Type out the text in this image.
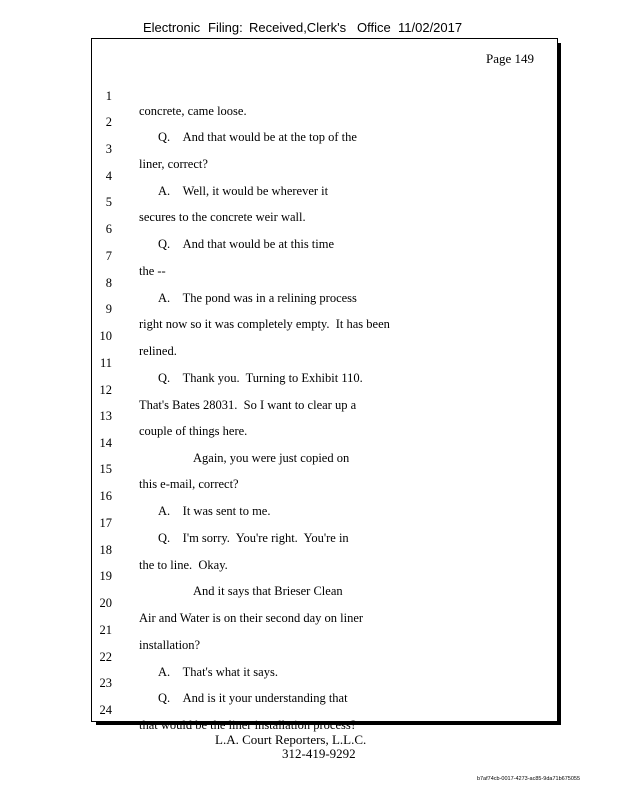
Electronic Filing: Received,Clerk's Office 11/02/2017
Page 149

1

concrete, came loose.

2

Q.    And that would be at the top of the

3

liner, correct?

4

A.    Well, it would be wherever it

5

secures to the concrete weir wall.

6

Q.    And that would be at this time

7

the --

8

A.    The pond was in a relining process

9

right now so it was completely empty.  It has been

10

relined.

11

Q.    Thank you.  Turning to Exhibit 110.

12

That's Bates 28031.  So I want to clear up a

13

couple of things here.

14

Again, you were just copied on

15

this e-mail, correct?

16

A.    It was sent to me.

17

Q.    I'm sorry.  You're right.  You're in

18

the to line.  Okay.

19

And it says that Brieser Clean

20

Air and Water is on their second day on liner

21

installation?

22

A.    That's what it says.

23

Q.    And is it your understanding that

24

that would be the liner installation process?

L.A. Court Reporters, L.L.C.
312-419-9292
b7af74cb-0017-4273-ac85-9da71b675055
